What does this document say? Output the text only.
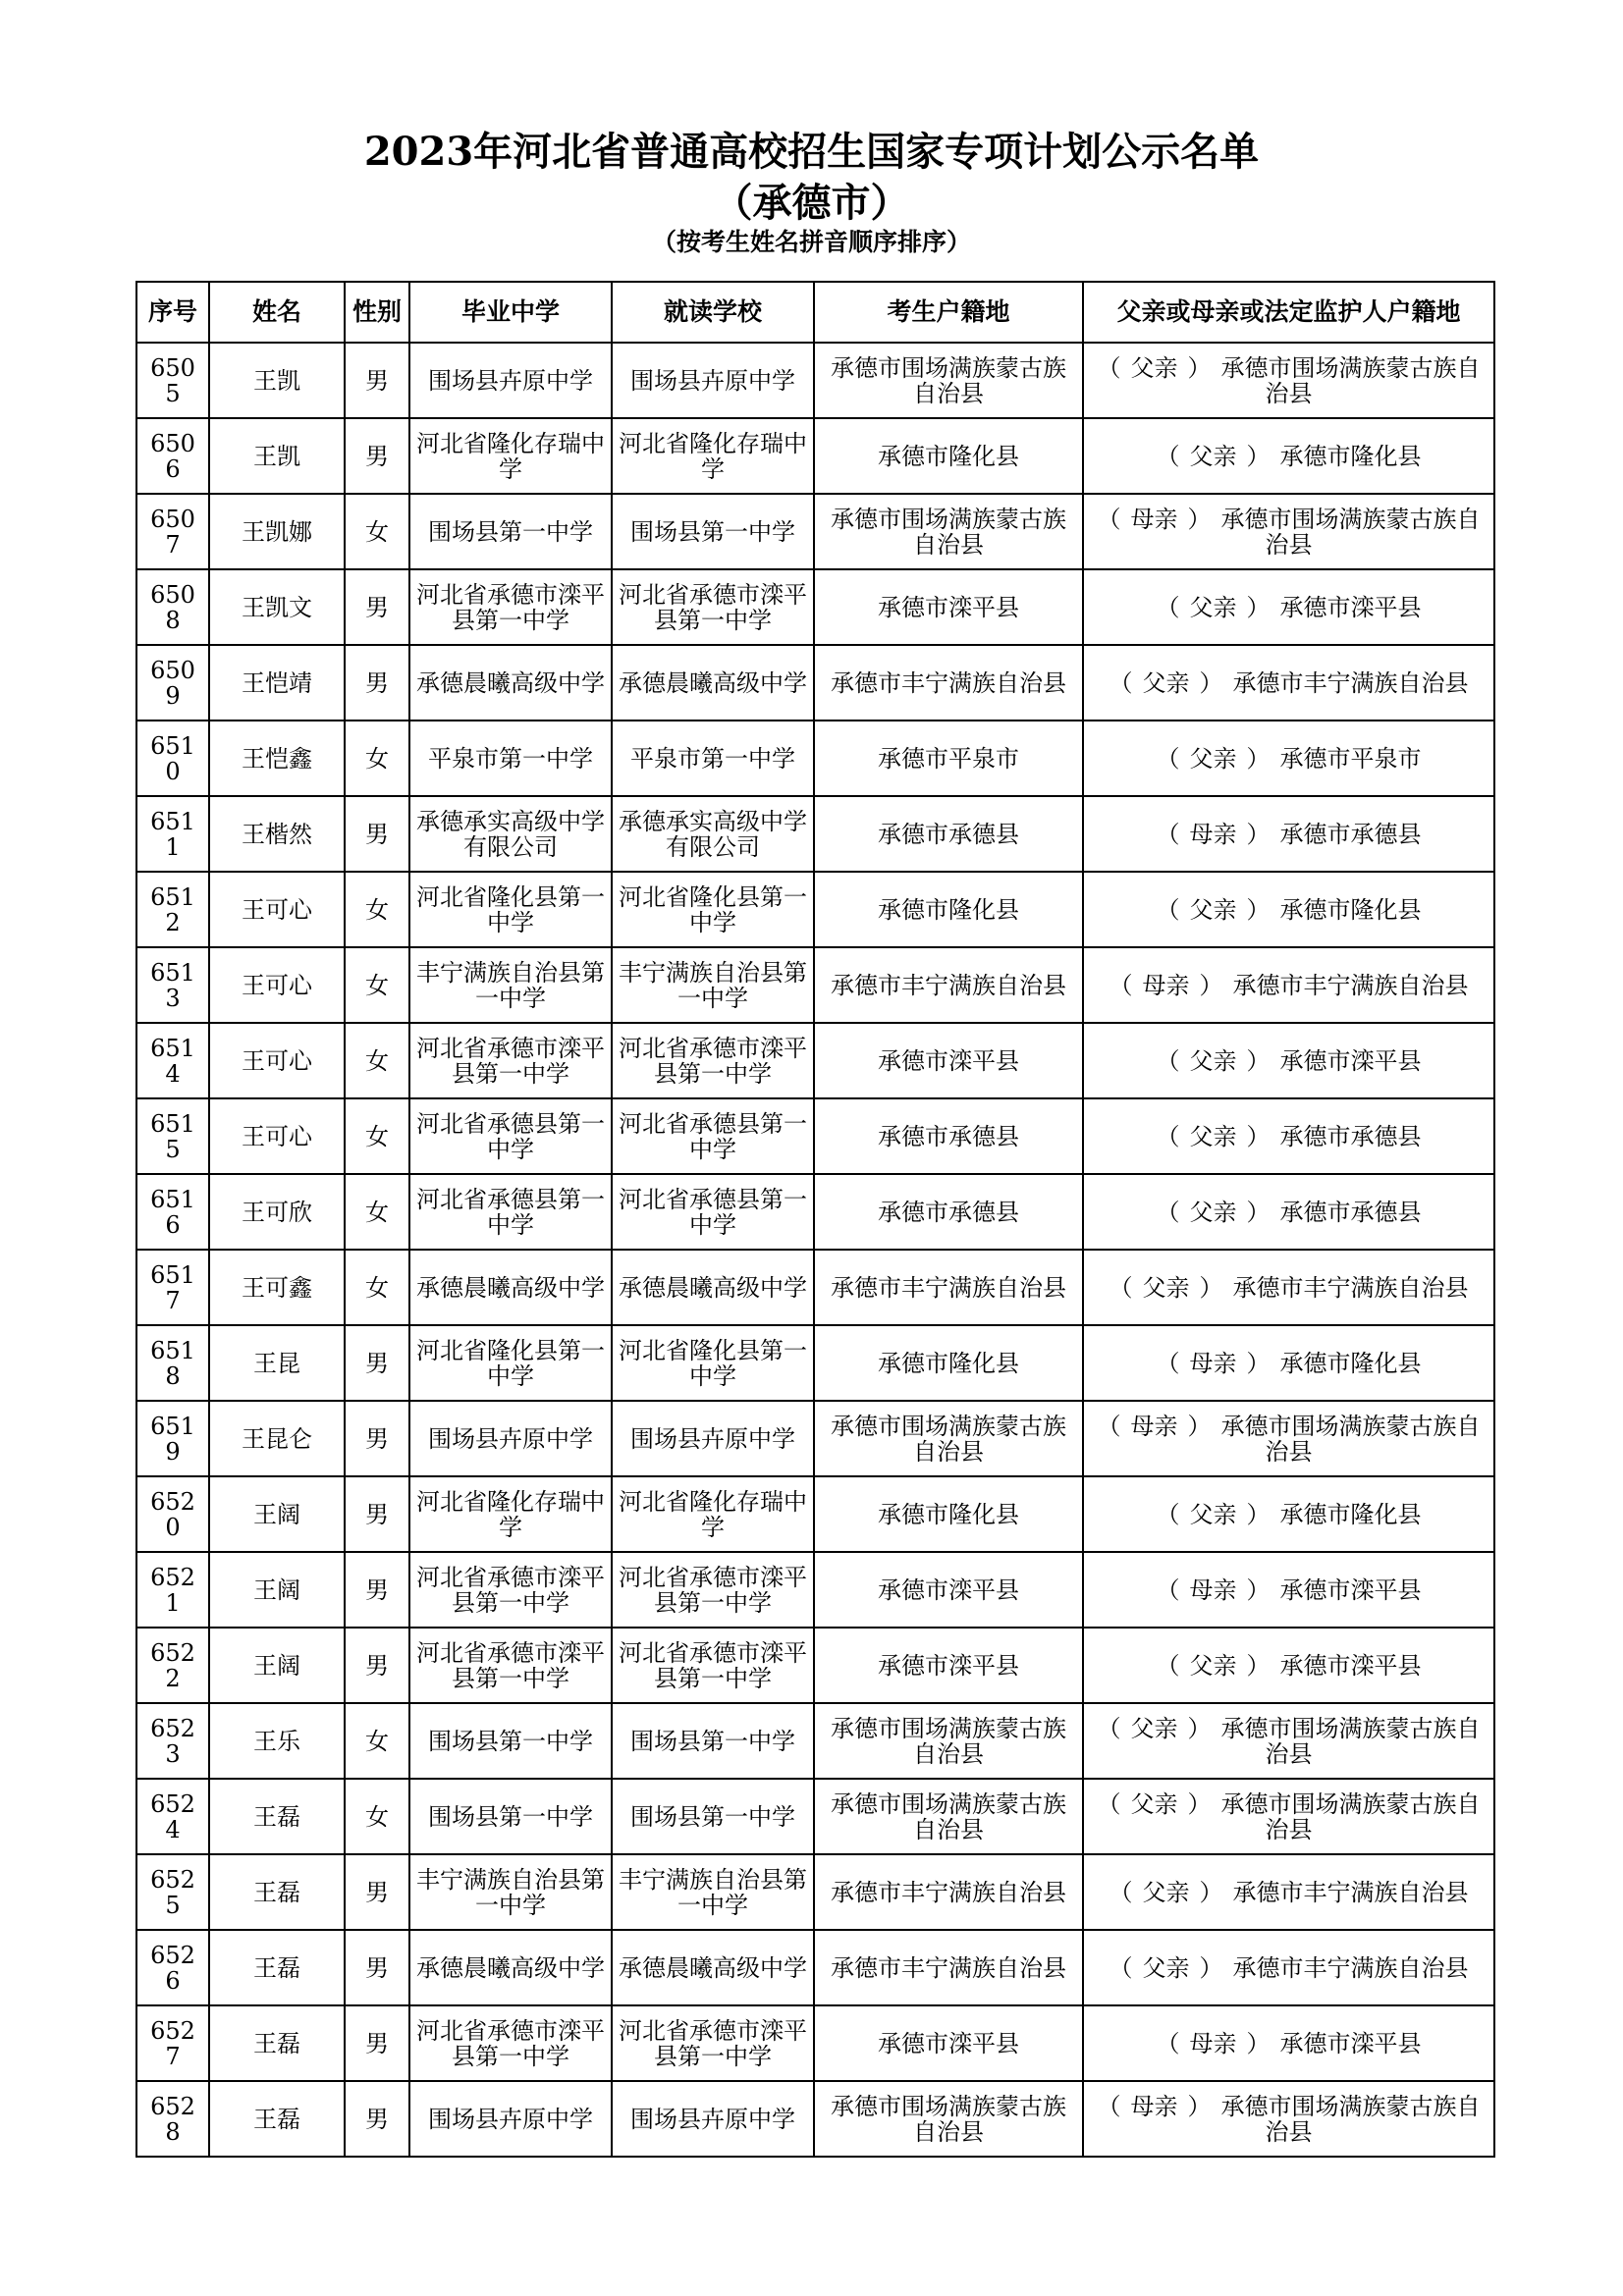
2023年河北省普通高校招生国家专项计划公示名单
（承德市）
（按考生姓名拼音顺序排序）
序号	姓名	性别	毕业中学	就读学校	考生户籍地	父亲或母亲或法定监护人户籍地
6505	王凯	男	围场县卉原中学	围场县卉原中学	承德市围场满族蒙古族自治县	（ 父亲 ） 承德市围场满族蒙古族自治县
6506	王凯	男	河北省隆化存瑞中学	河北省隆化存瑞中学	承德市隆化县	（ 父亲 ） 承德市隆化县
6507	王凯娜	女	围场县第一中学	围场县第一中学	承德市围场满族蒙古族自治县	（ 母亲 ） 承德市围场满族蒙古族自治县
6508	王凯文	男	河北省承德市滦平县第一中学	河北省承德市滦平县第一中学	承德市滦平县	（ 父亲 ） 承德市滦平县
6509	王恺靖	男	承德晨曦高级中学	承德晨曦高级中学	承德市丰宁满族自治县	（ 父亲 ） 承德市丰宁满族自治县
6510	王恺鑫	女	平泉市第一中学	平泉市第一中学	承德市平泉市	（ 父亲 ） 承德市平泉市
6511	王楷然	男	承德承实高级中学有限公司	承德承实高级中学有限公司	承德市承德县	（ 母亲 ） 承德市承德县
6512	王可心	女	河北省隆化县第一中学	河北省隆化县第一中学	承德市隆化县	（ 父亲 ） 承德市隆化县
6513	王可心	女	丰宁满族自治县第一中学	丰宁满族自治县第一中学	承德市丰宁满族自治县	（ 母亲 ） 承德市丰宁满族自治县
6514	王可心	女	河北省承德市滦平县第一中学	河北省承德市滦平县第一中学	承德市滦平县	（ 父亲 ） 承德市滦平县
6515	王可心	女	河北省承德县第一中学	河北省承德县第一中学	承德市承德县	（ 父亲 ） 承德市承德县
6516	王可欣	女	河北省承德县第一中学	河北省承德县第一中学	承德市承德县	（ 父亲 ） 承德市承德县
6517	王可鑫	女	承德晨曦高级中学	承德晨曦高级中学	承德市丰宁满族自治县	（ 父亲 ） 承德市丰宁满族自治县
6518	王昆	男	河北省隆化县第一中学	河北省隆化县第一中学	承德市隆化县	（ 母亲 ） 承德市隆化县
6519	王昆仑	男	围场县卉原中学	围场县卉原中学	承德市围场满族蒙古族自治县	（ 母亲 ） 承德市围场满族蒙古族自治县
6520	王阔	男	河北省隆化存瑞中学	河北省隆化存瑞中学	承德市隆化县	（ 父亲 ） 承德市隆化县
6521	王阔	男	河北省承德市滦平县第一中学	河北省承德市滦平县第一中学	承德市滦平县	（ 母亲 ） 承德市滦平县
6522	王阔	男	河北省承德市滦平县第一中学	河北省承德市滦平县第一中学	承德市滦平县	（ 父亲 ） 承德市滦平县
6523	王乐	女	围场县第一中学	围场县第一中学	承德市围场满族蒙古族自治县	（ 父亲 ） 承德市围场满族蒙古族自治县
6524	王磊	女	围场县第一中学	围场县第一中学	承德市围场满族蒙古族自治县	（ 父亲 ） 承德市围场满族蒙古族自治县
6525	王磊	男	丰宁满族自治县第一中学	丰宁满族自治县第一中学	承德市丰宁满族自治县	（ 父亲 ） 承德市丰宁满族自治县
6526	王磊	男	承德晨曦高级中学	承德晨曦高级中学	承德市丰宁满族自治县	（ 父亲 ） 承德市丰宁满族自治县
6527	王磊	男	河北省承德市滦平县第一中学	河北省承德市滦平县第一中学	承德市滦平县	（ 母亲 ） 承德市滦平县
6528	王磊	男	围场县卉原中学	围场县卉原中学	承德市围场满族蒙古族自治县	（ 母亲 ） 承德市围场满族蒙古族自治县
